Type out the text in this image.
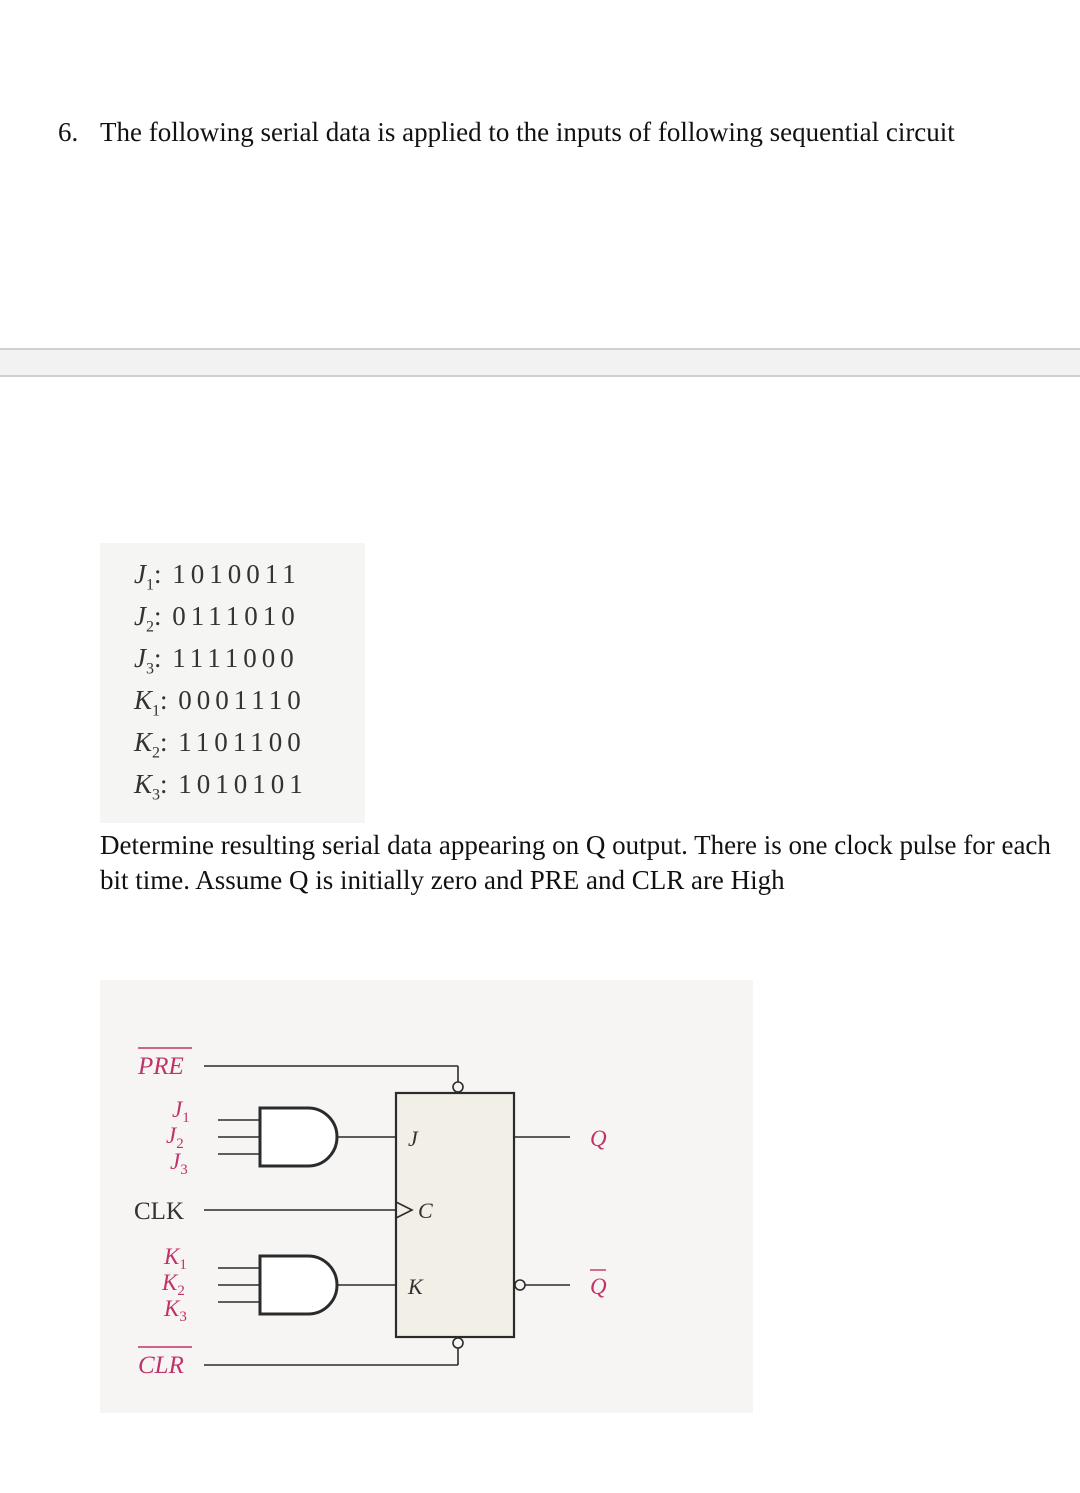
6. The following serial data is applied to the inputs of following sequential circuit

$J_1$: 1010011
$J_2$: 0111010
$J_3$: 1111000
$K_1$: 0001110
$K_2$: 1101100
$K_3$: 1010101

Determine resulting serial data appearing on Q output. There is one clock pulse for each bit time. Assume Q is initially zero and PRE and CLR are High

PRE
CLR
CLK
$J_1$
$J_2$
$J_3$
$K_1$
$K_2$
$K_3$
J
C
K
Q
Q
